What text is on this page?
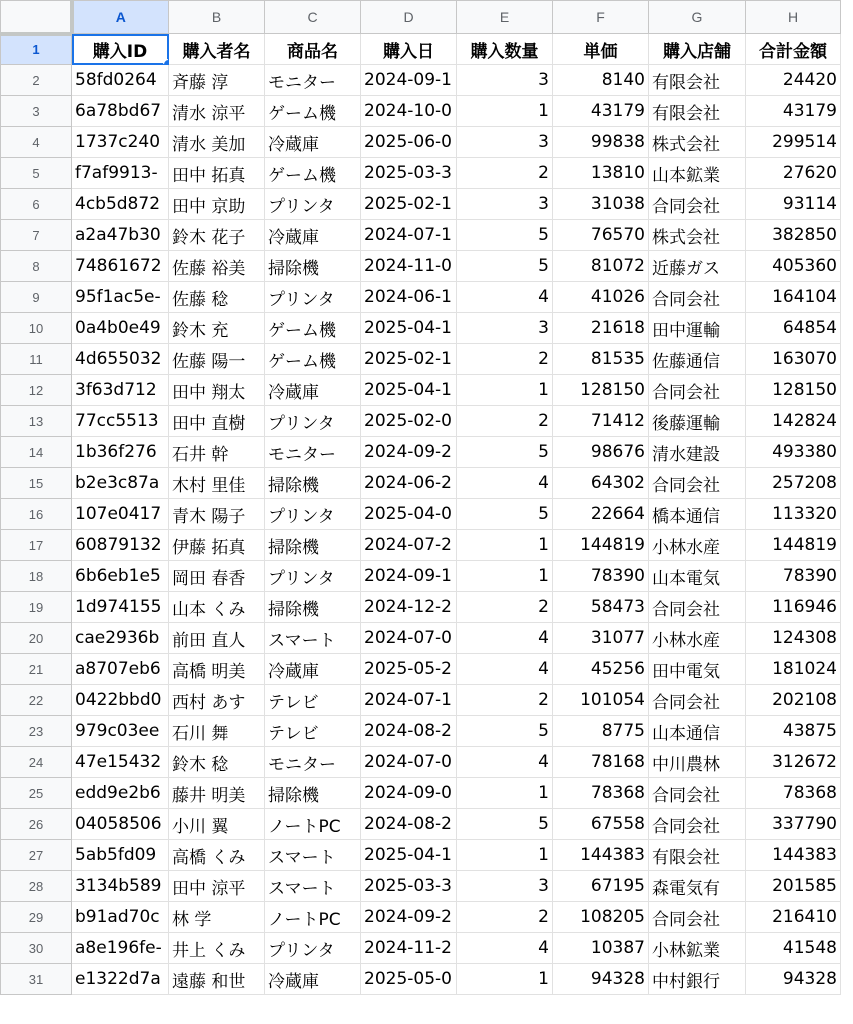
	A	B	C	D	E	F	G	H
1	購入ID	購入者名	商品名	購入日	購入数量	単価	購入店舗	合計金額
2	58fd0264	斉藤 淳	モニター	2024-09-1	3	8140	有限会社	24420
3	6a78bd67	清水 涼平	ゲーム機	2024-10-0	1	43179	有限会社	43179
4	1737c240	清水 美加	冷蔵庫	2025-06-0	3	99838	株式会社	299514
5	f7af9913-	田中 拓真	ゲーム機	2025-03-3	2	13810	山本鉱業	27620
6	4cb5d872	田中 京助	プリンタ	2025-02-1	3	31038	合同会社	93114
7	a2a47b30	鈴木 花子	冷蔵庫	2024-07-1	5	76570	株式会社	382850
8	74861672	佐藤 裕美	掃除機	2024-11-0	5	81072	近藤ガス	405360
9	95f1ac5e-	佐藤 稔	プリンタ	2024-06-1	4	41026	合同会社	164104
10	0a4b0e49	鈴木 充	ゲーム機	2025-04-1	3	21618	田中運輸	64854
11	4d655032	佐藤 陽一	ゲーム機	2025-02-1	2	81535	佐藤通信	163070
12	3f63d712	田中 翔太	冷蔵庫	2025-04-1	1	128150	合同会社	128150
13	77cc5513	田中 直樹	プリンタ	2025-02-0	2	71412	後藤運輸	142824
14	1b36f276	石井 幹	モニター	2024-09-2	5	98676	清水建設	493380
15	b2e3c87a	木村 里佳	掃除機	2024-06-2	4	64302	合同会社	257208
16	107e0417	青木 陽子	プリンタ	2025-04-0	5	22664	橋本通信	113320
17	60879132	伊藤 拓真	掃除機	2024-07-2	1	144819	小林水産	144819
18	6b6eb1e5	岡田 春香	プリンタ	2024-09-1	1	78390	山本電気	78390
19	1d974155	山本 くみ	掃除機	2024-12-2	2	58473	合同会社	116946
20	cae2936b	前田 直人	スマート	2024-07-0	4	31077	小林水産	124308
21	a8707eb6	高橋 明美	冷蔵庫	2025-05-2	4	45256	田中電気	181024
22	0422bbd0	西村 あす	テレビ	2024-07-1	2	101054	合同会社	202108
23	979c03ee	石川 舞	テレビ	2024-08-2	5	8775	山本通信	43875
24	47e15432	鈴木 稔	モニター	2024-07-0	4	78168	中川農林	312672
25	edd9e2b6	藤井 明美	掃除機	2024-09-0	1	78368	合同会社	78368
26	04058506	小川 翼	ノートPC	2024-08-2	5	67558	合同会社	337790
27	5ab5fd09	高橋 くみ	スマート	2025-04-1	1	144383	有限会社	144383
28	3134b589	田中 涼平	スマート	2025-03-3	3	67195	森電気有	201585
29	b91ad70c	林 学	ノートPC	2024-09-2	2	108205	合同会社	216410
30	a8e196fe-	井上 くみ	プリンタ	2024-11-2	4	10387	小林鉱業	41548
31	e1322d7a	遠藤 和世	冷蔵庫	2025-05-0	1	94328	中村銀行	94328
